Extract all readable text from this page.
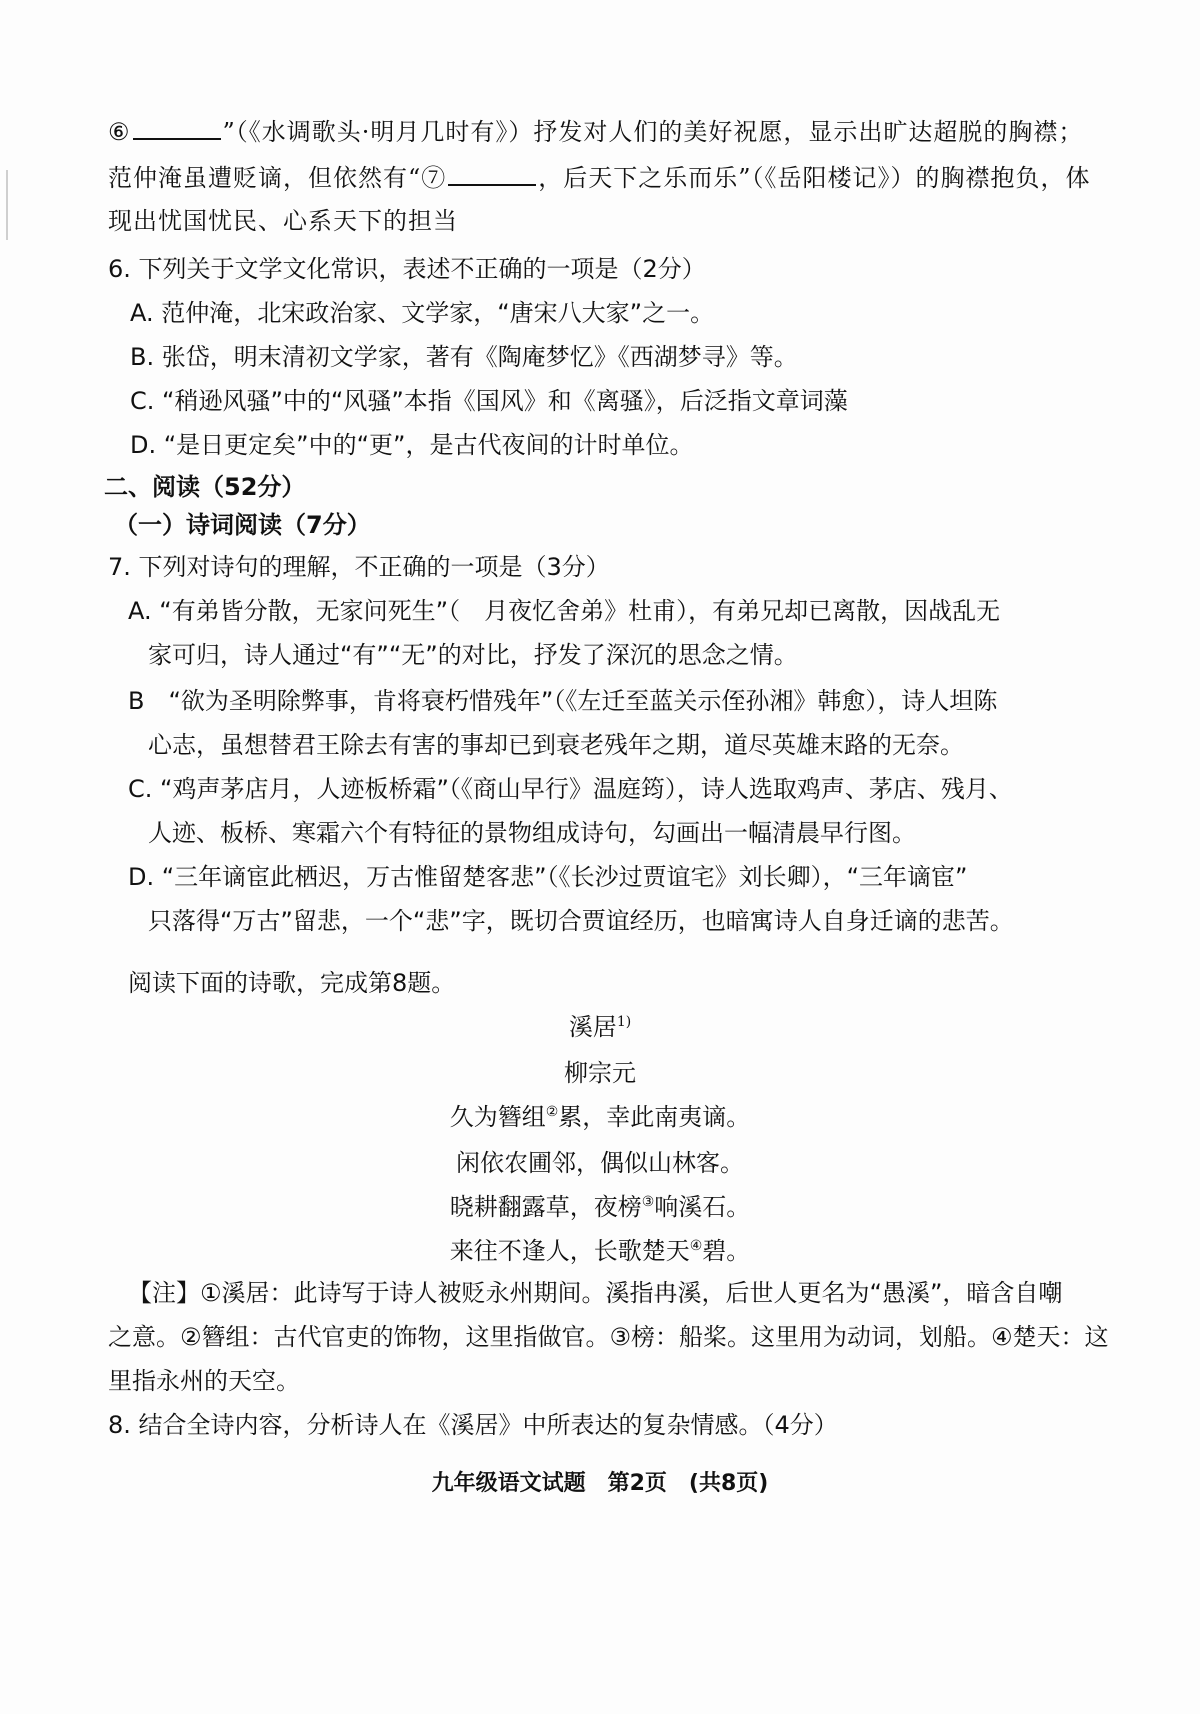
⑥	”（《水调歌头·明月几时有》）抒发对人们的美好祝愿，显示出旷达超脱的胸襟；
范仲淹虽遭贬谪，但依然有“⑦	，后天下之乐而乐”（《岳阳楼记》）的胸襟抱负，体
现出忧国忧民、心系天下的担当
6. 下列关于文学文化常识，表述不正确的一项是（2分）
A. 范仲淹，北宋政治家、文学家，“唐宋八大家”之一。
B. 张岱，明末清初文学家，著有《陶庵梦忆》《西湖梦寻》等。
C. “稍逊风骚”中的“风骚”本指《国风》和《离骚》，后泛指文章词藻
D. “是日更定矣”中的“更”，是古代夜间的计时单位。
二、阅读（52分）
（一）诗词阅读（7分）
7. 下列对诗句的理解，不正确的一项是（3分）
A. “有弟皆分散，无家问死生”（　月夜忆舍弟》杜甫），有弟兄却已离散，因战乱无
家可归，诗人通过“有”“无”的对比，抒发了深沉的思念之情。
B　“欲为圣明除弊事，肯将衰朽惜残年”（《左迁至蓝关示侄孙湘》韩愈），诗人坦陈
心志，虽想替君王除去有害的事却已到衰老残年之期，道尽英雄末路的无奈。
C. “鸡声茅店月，人迹板桥霜”（《商山早行》温庭筠），诗人选取鸡声、茅店、残月、
人迹、板桥、寒霜六个有特征的景物组成诗句，勾画出一幅清晨早行图。
D. “三年谪宦此栖迟，万古惟留楚客悲”（《长沙过贾谊宅》刘长卿），“三年谪宦”
只落得“万古”留悲，一个“悲”字，既切合贾谊经历，也暗寓诗人自身迁谪的悲苦。
阅读下面的诗歌，完成第8题。
溪居$^{1)}$
柳宗元
久为簪组②累，幸此南夷谪。
闲依农圃邻，偶似山林客。
晓耕翻露草，夜榜③响溪石。
来往不逢人，长歌楚天④碧。
【注】①溪居：此诗写于诗人被贬永州期间。溪指冉溪，后世人更名为“愚溪”，暗含自嘲
之意。②簪组：古代官吏的饰物，这里指做官。③榜：船桨。这里用为动词，划船。④楚天：这
里指永州的天空。
8. 结合全诗内容，分析诗人在《溪居》中所表达的复杂情感。（4分）
九年级语文试题　第2页　(共8页)
